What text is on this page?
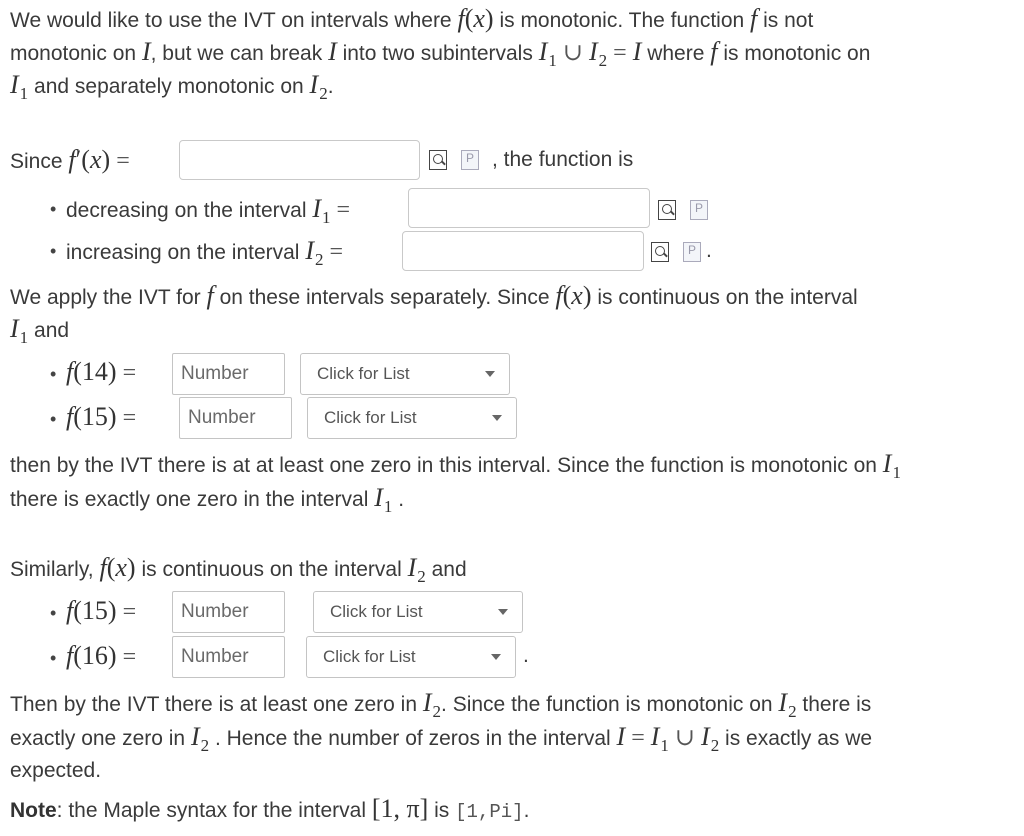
We would like to use the IVT on intervals where f(x) is monotonic. The function f is not
monotonic on I, but we can break I into two subintervals $I_1$ ∪ $I_2 = I$ where f is monotonic on
$I_1$ and separately monotonic on $I_2$.
Since f′(x) =
P	, the function is
• decreasing on the interval $I_1$ =
P
• increasing on the interval $I_2$ =
P	.
We apply the IVT for f on these intervals separately. Since f(x) is continuous on the interval
$I_1$ and
• f(14) =
Number	Click for List
• f(15) =
Number	Click for List
then by the IVT there is at at least one zero in this interval. Since the function is monotonic on $I_1$
there is exactly one zero in the interval $I_1$ .
Similarly, f(x) is continuous on the interval $I_2$ and
• f(15) =
Number	Click for List
• f(16) =
Number	Click for List	.
Then by the IVT there is at least one zero in $I_2$. Since the function is monotonic on $I_2$ there is
exactly one zero in $I_2$ . Hence the number of zeros in the interval $I = I_1$ ∪ $I_2$ is exactly as we
expected.
Note: the Maple syntax for the interval [1, π] is [1,Pi].
